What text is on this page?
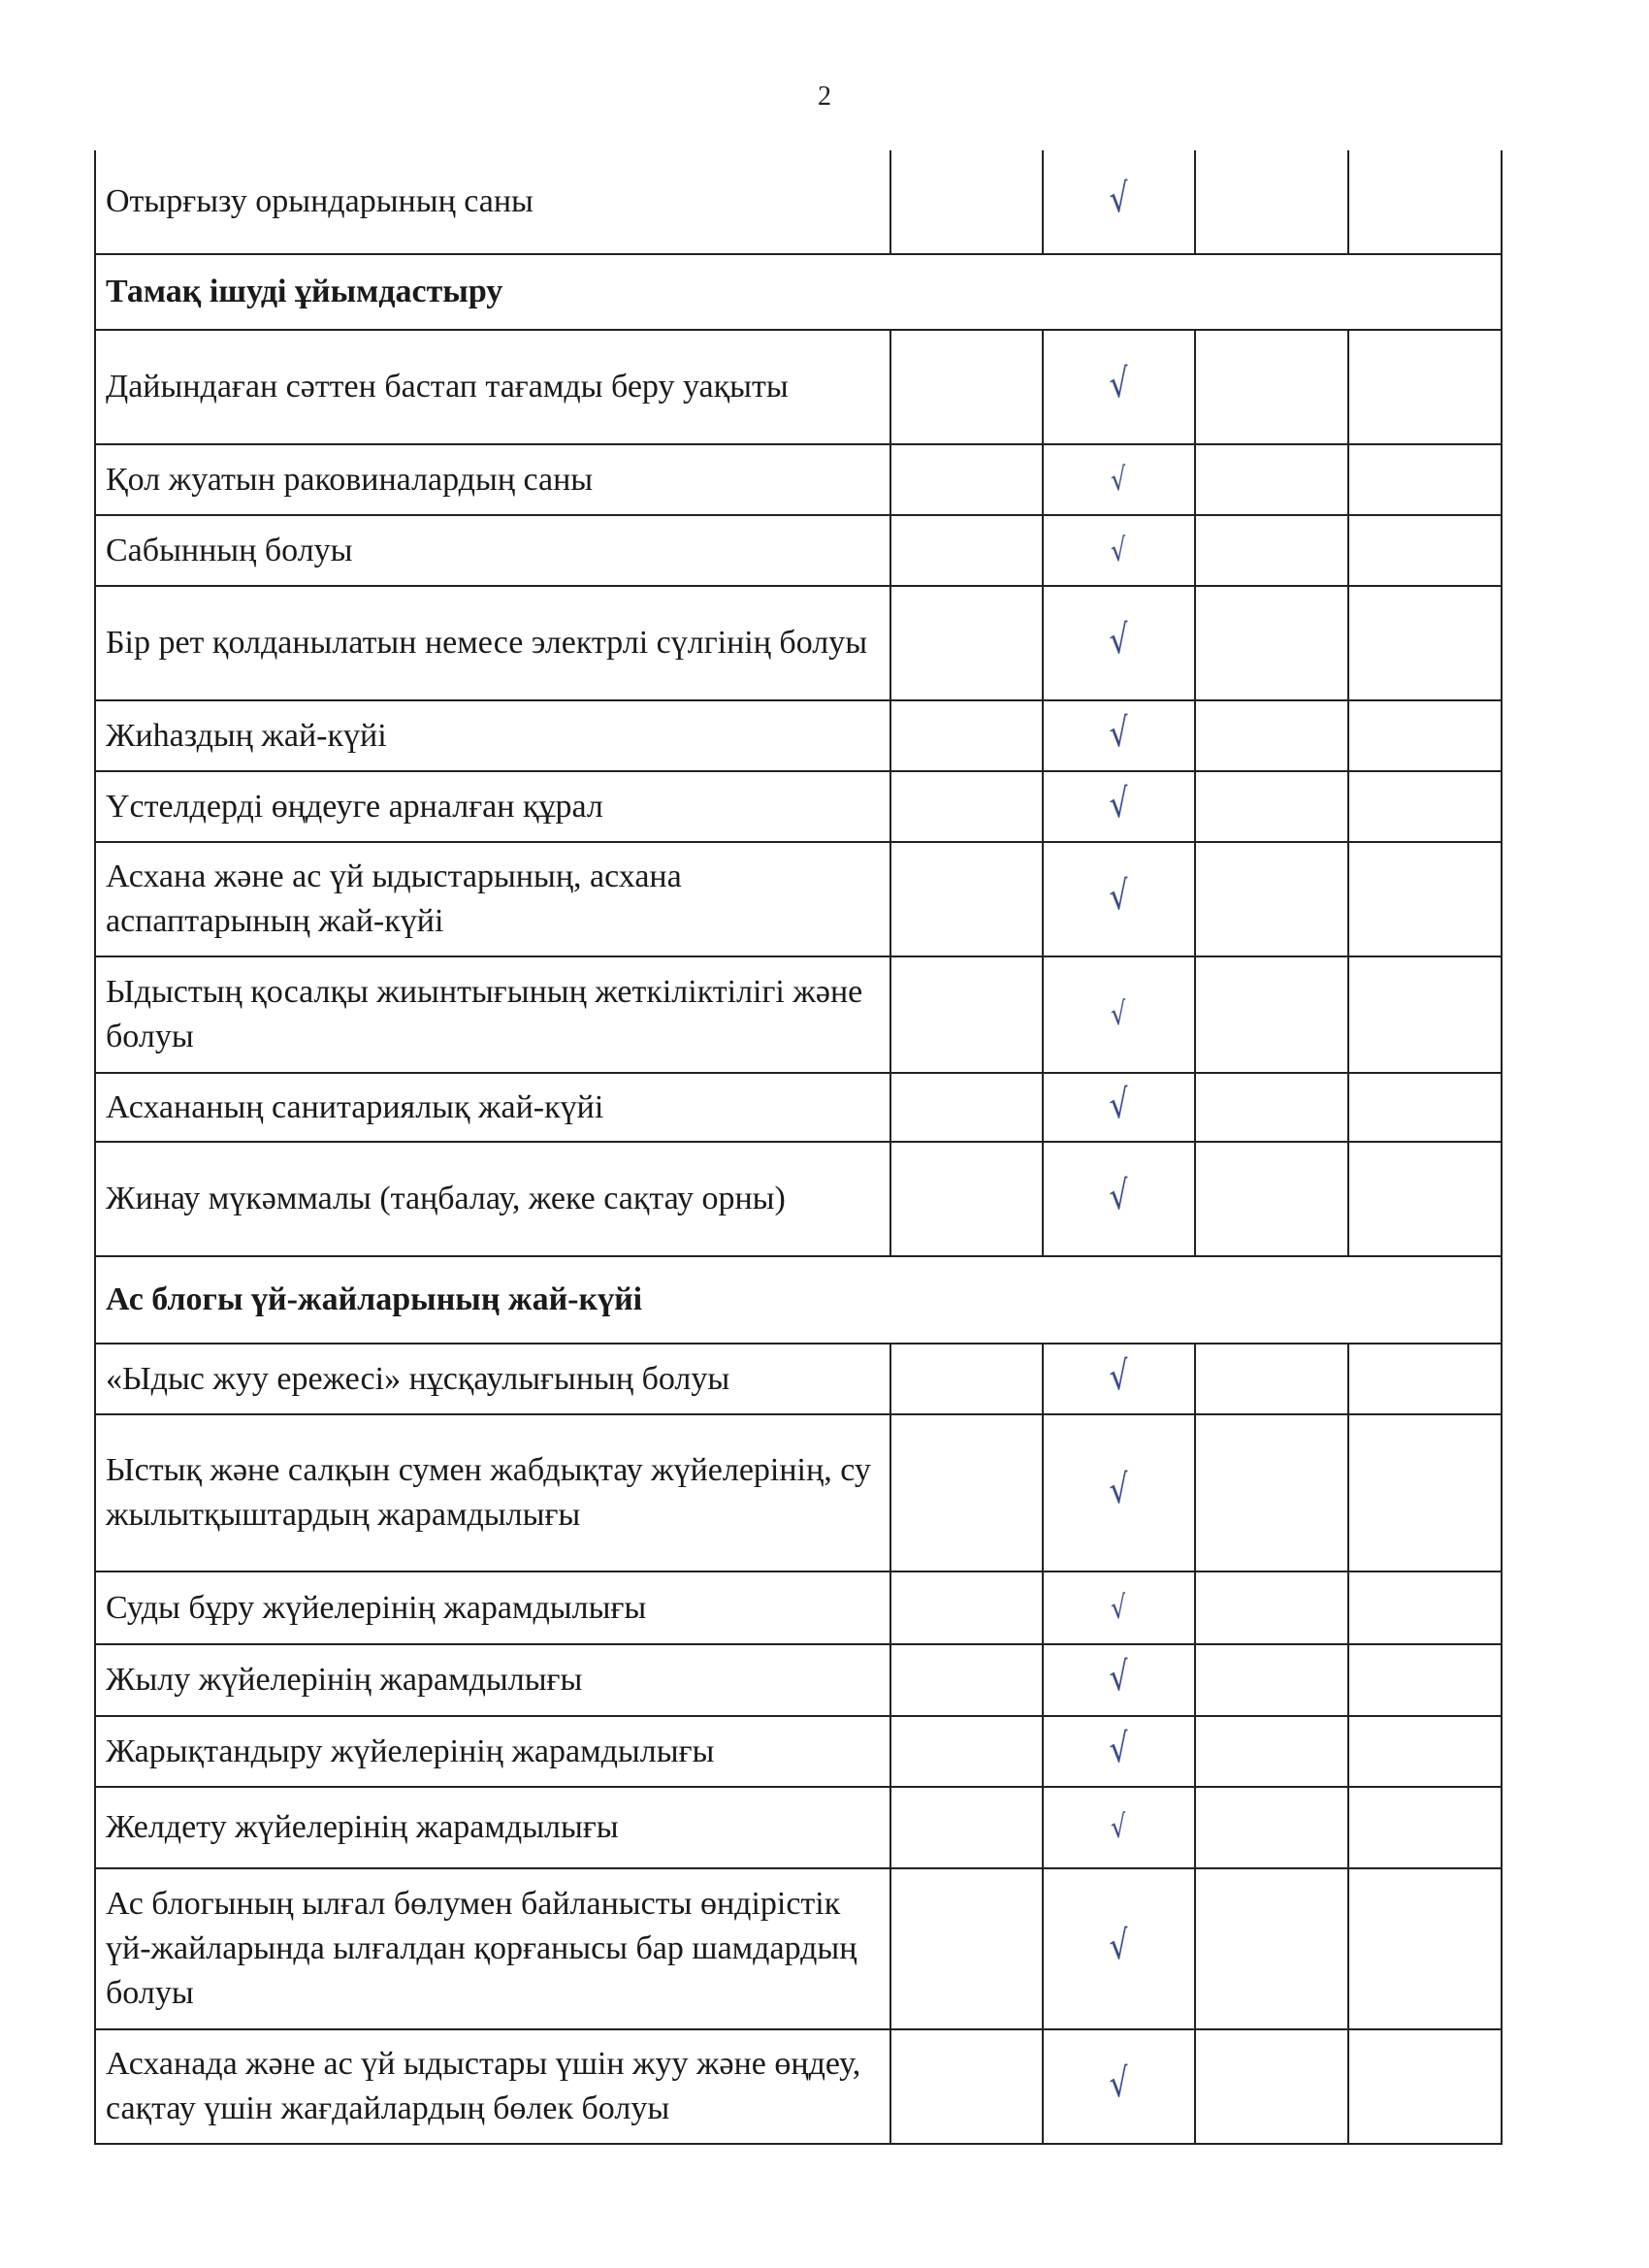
2
Отырғызу орындарының саны		√		
Тамақ ішуді ұйымдастыру				
Дайындаған сәттен бастап тағамды беру уақыты		√		
Қол жуатын раковиналардың саны		√		
Сабынның болуы		√		
Бір рет қолданылатын немесе электрлі сүлгінің болуы		√		
Жиһаздың жай-күйі		√		
Үстелдерді өңдеуге арналған құрал		√		
Асхана және ас үй ыдыстарының, асхана аспаптарының жай-күйі		√		
Ыдыстың қосалқы жиынтығының жеткіліктілігі және болуы		√		
Асхананың санитариялық жай-күйі		√		
Жинау мүкәммалы (таңбалау, жеке сақтау орны)		√		
Ас блогы үй-жайларының жай-күйі				
«Ыдыс жуу ережесі» нұсқаулығының болуы		√		
Ыстық және салқын сумен жабдықтау жүйелерінің, су жылытқыштардың жарамдылығы		√		
Суды бұру жүйелерінің жарамдылығы		√		
Жылу жүйелерінің жарамдылығы		√		
Жарықтандыру жүйелерінің жарамдылығы		√		
Желдету жүйелерінің жарамдылығы		√		
Ас блогының ылғал бөлумен байланысты өндірістік үй-жайларында ылғалдан қорғанысы бар шамдардың болуы		√		
Асханада және ас үй ыдыстары үшін жуу және өңдеу, сақтау үшін жағдайлардың бөлек болуы		√		
